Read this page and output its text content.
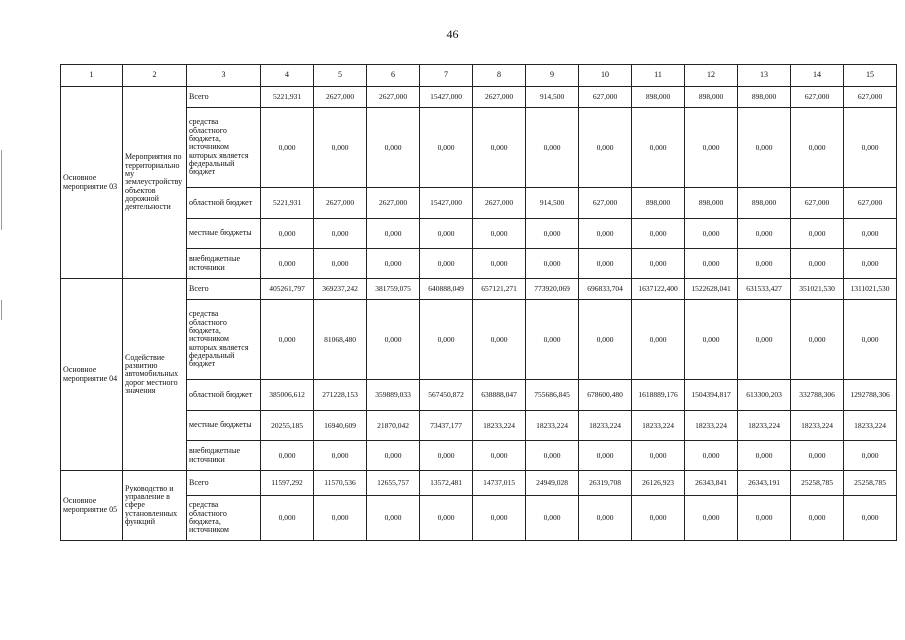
46
1	2	3	4	5	6	7	8	9	10	11	12	13	14	15
Основное мероприятие 03	Мероприятия по территориальному землеустройству объектов дорожной деятельности	Всего	5221,931	2627,000	2627,000	15427,000	2627,000	914,500	627,000	898,000	898,000	898,000	627,000	627,000
		средства областного бюджета, источником которых является федеральный бюджет	0,000	0,000	0,000	0,000	0,000	0,000	0,000	0,000	0,000	0,000	0,000	0,000
		областной бюджет	5221,931	2627,000	2627,000	15427,000	2627,000	914,500	627,000	898,000	898,000	898,000	627,000	627,000
		местные бюджеты	0,000	0,000	0,000	0,000	0,000	0,000	0,000	0,000	0,000	0,000	0,000	0,000
		внебюджетные источники	0,000	0,000	0,000	0,000	0,000	0,000	0,000	0,000	0,000	0,000	0,000	0,000
Основное мероприятие 04	Содействие развитию автомобильных дорог местного значения	Всего	405261,797	369237,242	381759,075	640888,049	657121,271	773920,069	696833,704	1637122,400	1522628,041	631533,427	351021,530	1311021,530
		средства областного бюджета, источником которых является федеральный бюджет	0,000	81068,480	0,000	0,000	0,000	0,000	0,000	0,000	0,000	0,000	0,000	0,000
		областной бюджет	385006,612	271228,153	359889,033	567450,872	638888,047	755686,845	678600,480	1618889,176	1504394,817	613300,203	332788,306	1292788,306
		местные бюджеты	20255,185	16940,609	21870,042	73437,177	18233,224	18233,224	18233,224	18233,224	18233,224	18233,224	18233,224	18233,224
		внебюджетные источники	0,000	0,000	0,000	0,000	0,000	0,000	0,000	0,000	0,000	0,000	0,000	0,000
Основное мероприятие 05	Руководство и управление в сфере установленных функций	Всего	11597,292	11570,536	12655,757	13572,481	14737,015	24949,028	26319,708	26126,923	26343,841	26343,191	25258,785	25258,785
		средства областного бюджета, источником	0,000	0,000	0,000	0,000	0,000	0,000	0,000	0,000	0,000	0,000	0,000	0,000
